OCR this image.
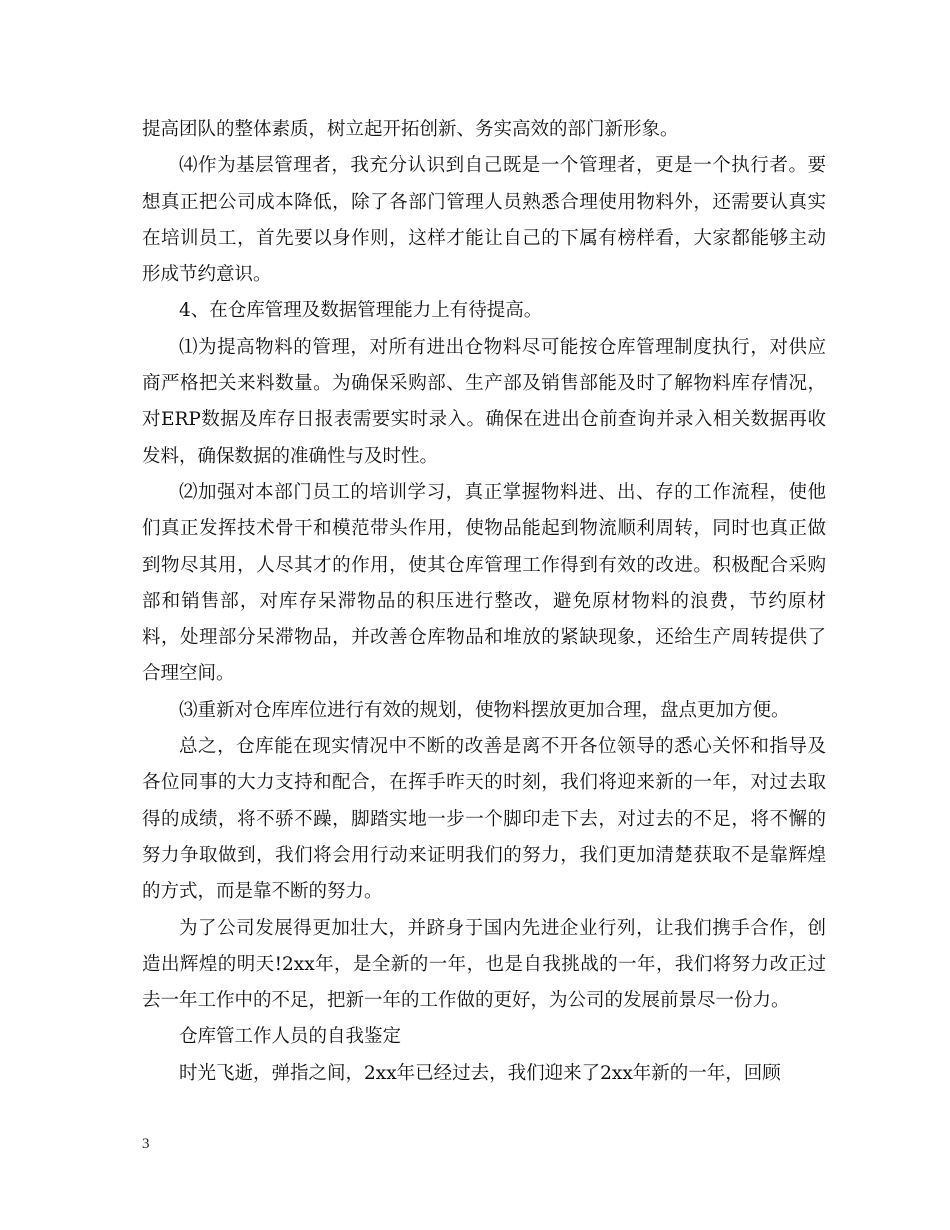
提高团队的整体素质，树立起开拓创新、务实高效的部门新形象。

⑷作为基层管理者，我充分认识到自己既是一个管理者，更是一个执行者。要想真正把公司成本降低，除了各部门管理人员熟悉合理使用物料外，还需要认真实在培训员工，首先要以身作则，这样才能让自己的下属有榜样看，大家都能够主动形成节约意识。

4、在仓库管理及数据管理能力上有待提高。

⑴为提高物料的管理，对所有进出仓物料尽可能按仓库管理制度执行，对供应商严格把关来料数量。为确保采购部、生产部及销售部能及时了解物料库存情况，对ERP数据及库存日报表需要实时录入。确保在进出仓前查询并录入相关数据再收发料，确保数据的准确性与及时性。

⑵加强对本部门员工的培训学习，真正掌握物料进、出、存的工作流程，使他们真正发挥技术骨干和模范带头作用，使物品能起到物流顺利周转，同时也真正做到物尽其用，人尽其才的作用，使其仓库管理工作得到有效的改进。积极配合采购部和销售部，对库存呆滞物品的积压进行整改，避免原材物料的浪费，节约原材料，处理部分呆滞物品，并改善仓库物品和堆放的紧缺现象，还给生产周转提供了合理空间。

⑶重新对仓库库位进行有效的规划，使物料摆放更加合理，盘点更加方便。

总之，仓库能在现实情况中不断的改善是离不开各位领导的悉心关怀和指导及各位同事的大力支持和配合，在挥手昨天的时刻，我们将迎来新的一年，对过去取得的成绩，将不骄不躁，脚踏实地一步一个脚印走下去，对过去的不足，将不懈的努力争取做到，我们将会用行动来证明我们的努力，我们更加清楚获取不是靠辉煌的方式，而是靠不断的努力。

为了公司发展得更加壮大，并跻身于国内先进企业行列，让我们携手合作，创造出辉煌的明天!2xx年，是全新的一年，也是自我挑战的一年，我们将努力改正过去一年工作中的不足，把新一年的工作做的更好，为公司的发展前景尽一份力。

仓库管工作人员的自我鉴定

时光飞逝，弹指之间，2xx年已经过去，我们迎来了2xx年新的一年，回顾

3
